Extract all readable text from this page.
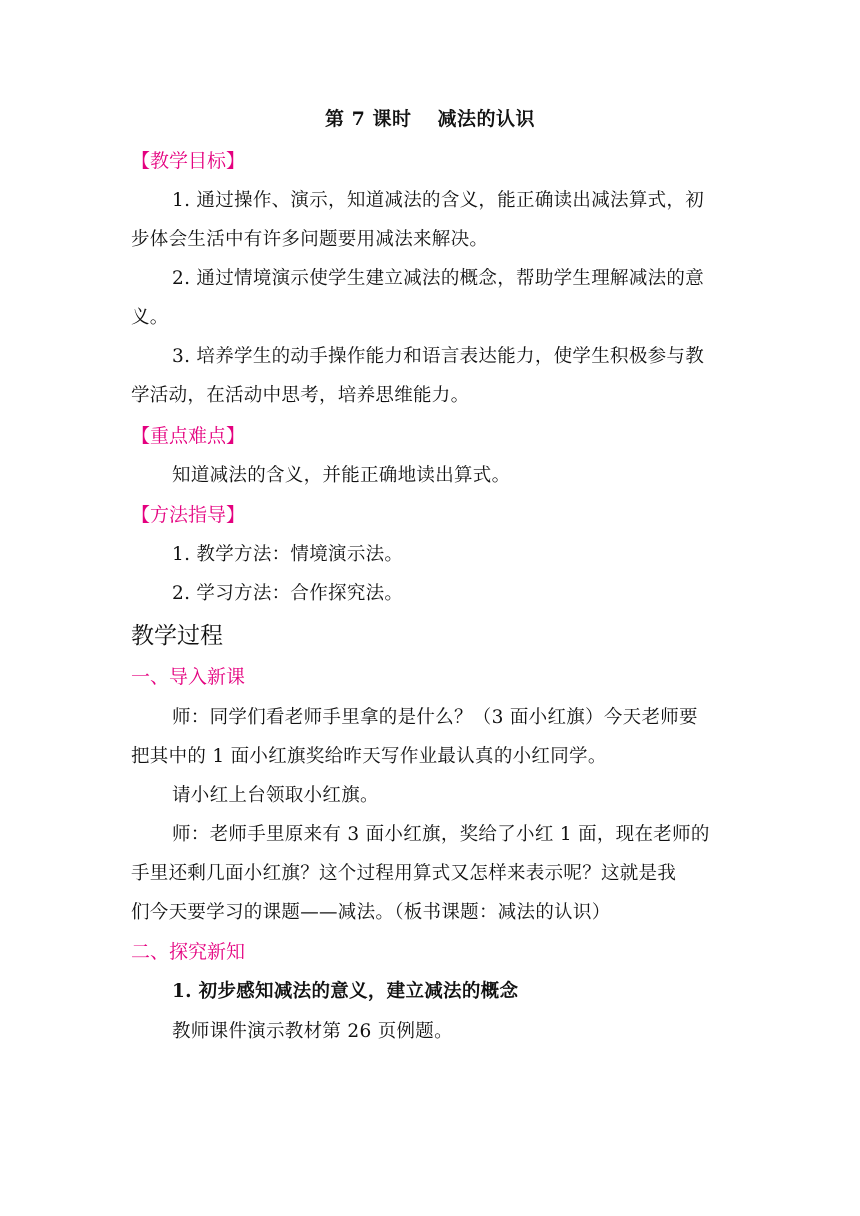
第 7 课时 减法的认识
【教学目标】
1. 通过操作、演示，知道减法的含义，能正确读出减法算式，初
步体会生活中有许多问题要用减法来解决。
2. 通过情境演示使学生建立减法的概念，帮助学生理解减法的意
义。
3. 培养学生的动手操作能力和语言表达能力，使学生积极参与教
学活动，在活动中思考，培养思维能力。
【重点难点】
知道减法的含义，并能正确地读出算式。
【方法指导】
1. 教学方法：情境演示法。
2. 学习方法：合作探究法。
教学过程
一、导入新课
师：同学们看老师手里拿的是什么？（3 面小红旗）今天老师要
把其中的 1 面小红旗奖给昨天写作业最认真的小红同学。
请小红上台领取小红旗。
师：老师手里原来有 3 面小红旗，奖给了小红 1 面，现在老师的
手里还剩几面小红旗？这个过程用算式又怎样来表示呢？这就是我
们今天要学习的课题——减法。（板书课题：减法的认识）
二、探究新知
1. 初步感知减法的意义，建立减法的概念
教师课件演示教材第 26 页例题。
